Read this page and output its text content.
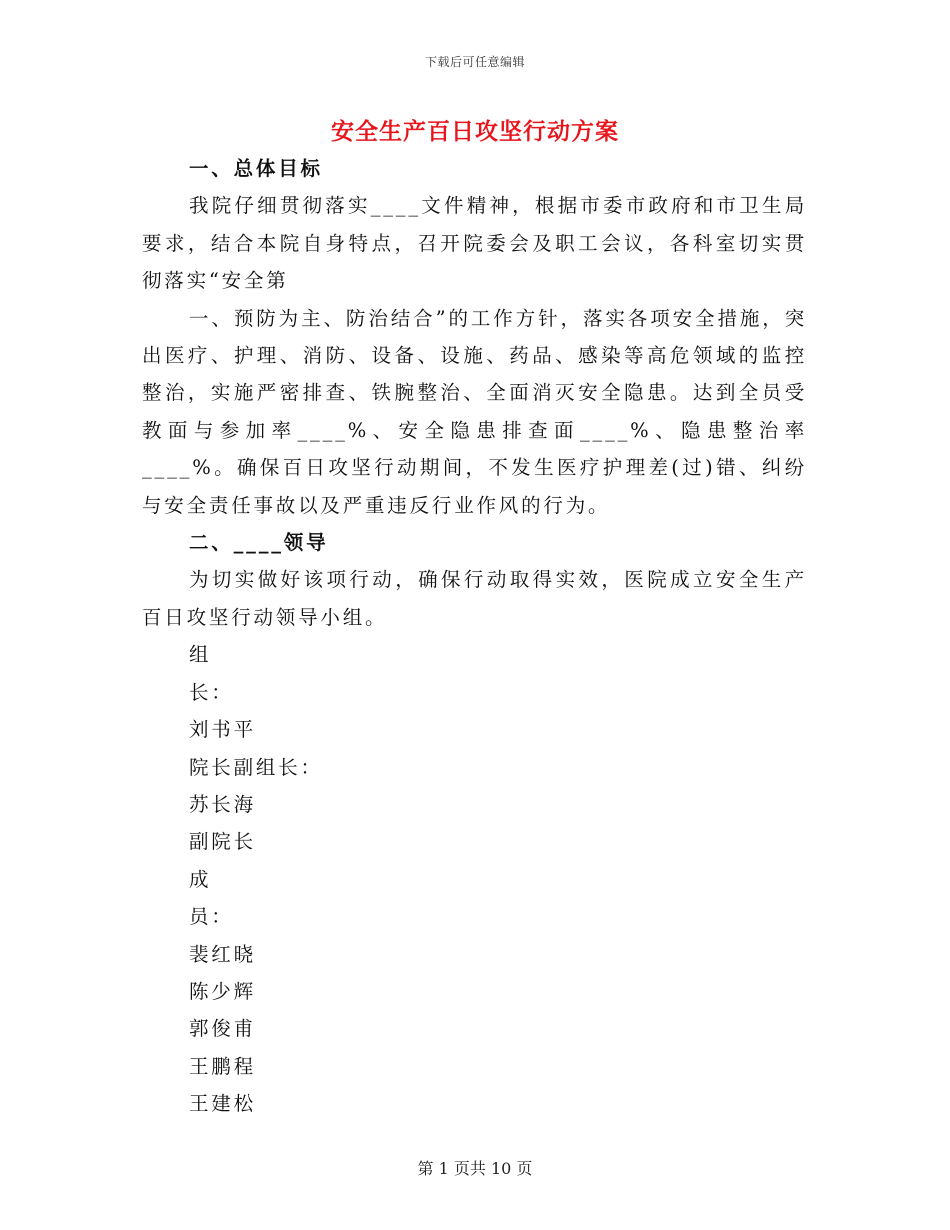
下载后可任意编辑
安全生产百日攻坚行动方案

一、总体目标

我院仔细贯彻落实____文件精神，根据市委市政府和市卫生局要求，结合本院自身特点，召开院委会及职工会议，各科室切实贯彻落实“安全第

一、预防为主、防治结合”的工作方针，落实各项安全措施，突出医疗、护理、消防、设备、设施、药品、感染等高危领域的监控整治，实施严密排查、铁腕整治、全面消灭安全隐患。达到全员受教面与参加率____%、安全隐患排查面____%、隐患整治率____%。确保百日攻坚行动期间，不发生医疗护理差(过)错、纠纷与安全责任事故以及严重违反行业作风的行为。

二、____领导

为切实做好该项行动，确保行动取得实效，医院成立安全生产百日攻坚行动领导小组。

组

长：

刘书平

院长副组长：

苏长海

副院长

成

员：

裴红晓

陈少辉

郭俊甫

王鹏程

王建松

第 1 页共 10 页
